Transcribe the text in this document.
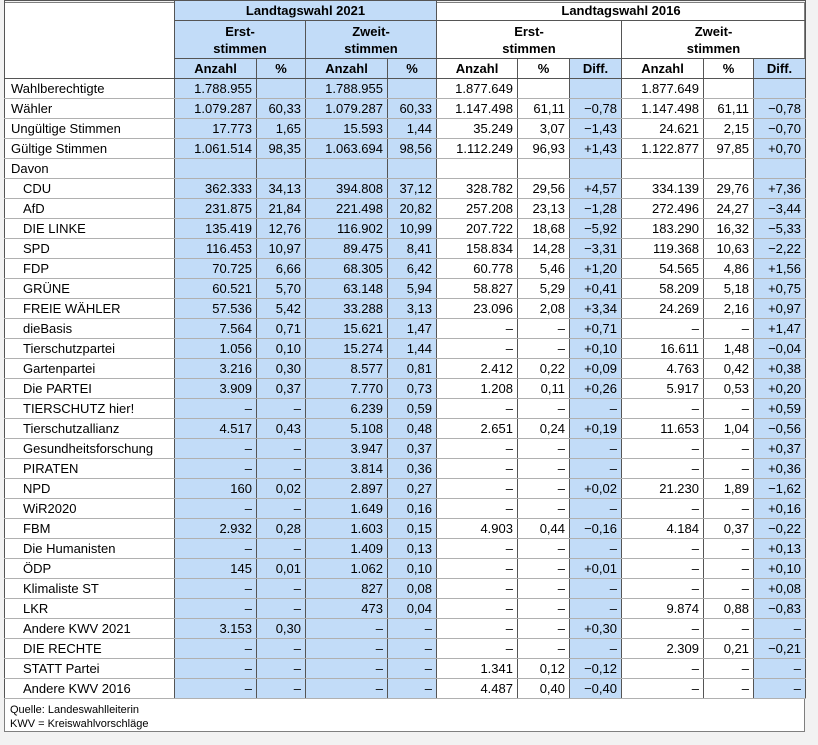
	Landtagswahl 2021				Landtagswahl 2016					
	Erst-
stimmen		Zweit-
stimmen		Erst-
stimmen			Zweit-
stimmen		
	Anzahl	%	Anzahl	%	Anzahl	%	Diff.	Anzahl	%	Diff.
Wahlberechtigte	1.788.955		1.788.955		1.877.649			1.877.649		
Wähler	1.079.287	60,33	1.079.287	60,33	1.147.498	61,11	−0,78	1.147.498	61,11	−0,78
Ungültige Stimmen	17.773	1,65	15.593	1,44	35.249	3,07	−1,43	24.621	2,15	−0,70
Gültige Stimmen	1.061.514	98,35	1.063.694	98,56	1.112.249	96,93	+1,43	1.122.877	97,85	+0,70
Davon										
CDU	362.333	34,13	394.808	37,12	328.782	29,56	+4,57	334.139	29,76	+7,36
AfD	231.875	21,84	221.498	20,82	257.208	23,13	−1,28	272.496	24,27	−3,44
DIE LINKE	135.419	12,76	116.902	10,99	207.722	18,68	−5,92	183.290	16,32	−5,33
SPD	116.453	10,97	89.475	8,41	158.834	14,28	−3,31	119.368	10,63	−2,22
FDP	70.725	6,66	68.305	6,42	60.778	5,46	+1,20	54.565	4,86	+1,56
GRÜNE	60.521	5,70	63.148	5,94	58.827	5,29	+0,41	58.209	5,18	+0,75
FREIE WÄHLER	57.536	5,42	33.288	3,13	23.096	2,08	+3,34	24.269	2,16	+0,97
dieBasis	7.564	0,71	15.621	1,47	–	–	+0,71	–	–	+1,47
Tierschutzpartei	1.056	0,10	15.274	1,44	–	–	+0,10	16.611	1,48	−0,04
Gartenpartei	3.216	0,30	8.577	0,81	2.412	0,22	+0,09	4.763	0,42	+0,38
Die PARTEI	3.909	0,37	7.770	0,73	1.208	0,11	+0,26	5.917	0,53	+0,20
TIERSCHUTZ hier!	–	–	6.239	0,59	–	–	–	–	–	+0,59
Tierschutzallianz	4.517	0,43	5.108	0,48	2.651	0,24	+0,19	11.653	1,04	−0,56
Gesundheitsforschung	–	–	3.947	0,37	–	–	–	–	–	+0,37
PIRATEN	–	–	3.814	0,36	–	–	–	–	–	+0,36
NPD	160	0,02	2.897	0,27	–	–	+0,02	21.230	1,89	−1,62
WiR2020	–	–	1.649	0,16	–	–	–	–	–	+0,16
FBM	2.932	0,28	1.603	0,15	4.903	0,44	−0,16	4.184	0,37	−0,22
Die Humanisten	–	–	1.409	0,13	–	–	–	–	–	+0,13
ÖDP	145	0,01	1.062	0,10	–	–	+0,01	–	–	+0,10
Klimaliste ST	–	–	827	0,08	–	–	–	–	–	+0,08
LKR	–	–	473	0,04	–	–	–	9.874	0,88	−0,83
Andere KWV 2021	3.153	0,30	–	–	–	–	+0,30	–	–	–
DIE RECHTE	–	–	–	–	–	–	–	2.309	0,21	−0,21
STATT Partei	–	–	–	–	1.341	0,12	−0,12	–	–	–
Andere KWV 2016	–	–	–	–	4.487	0,40	−0,40	–	–	–
Quelle: Landeswahlleiterin
KWV = Kreiswahlvorschläge
